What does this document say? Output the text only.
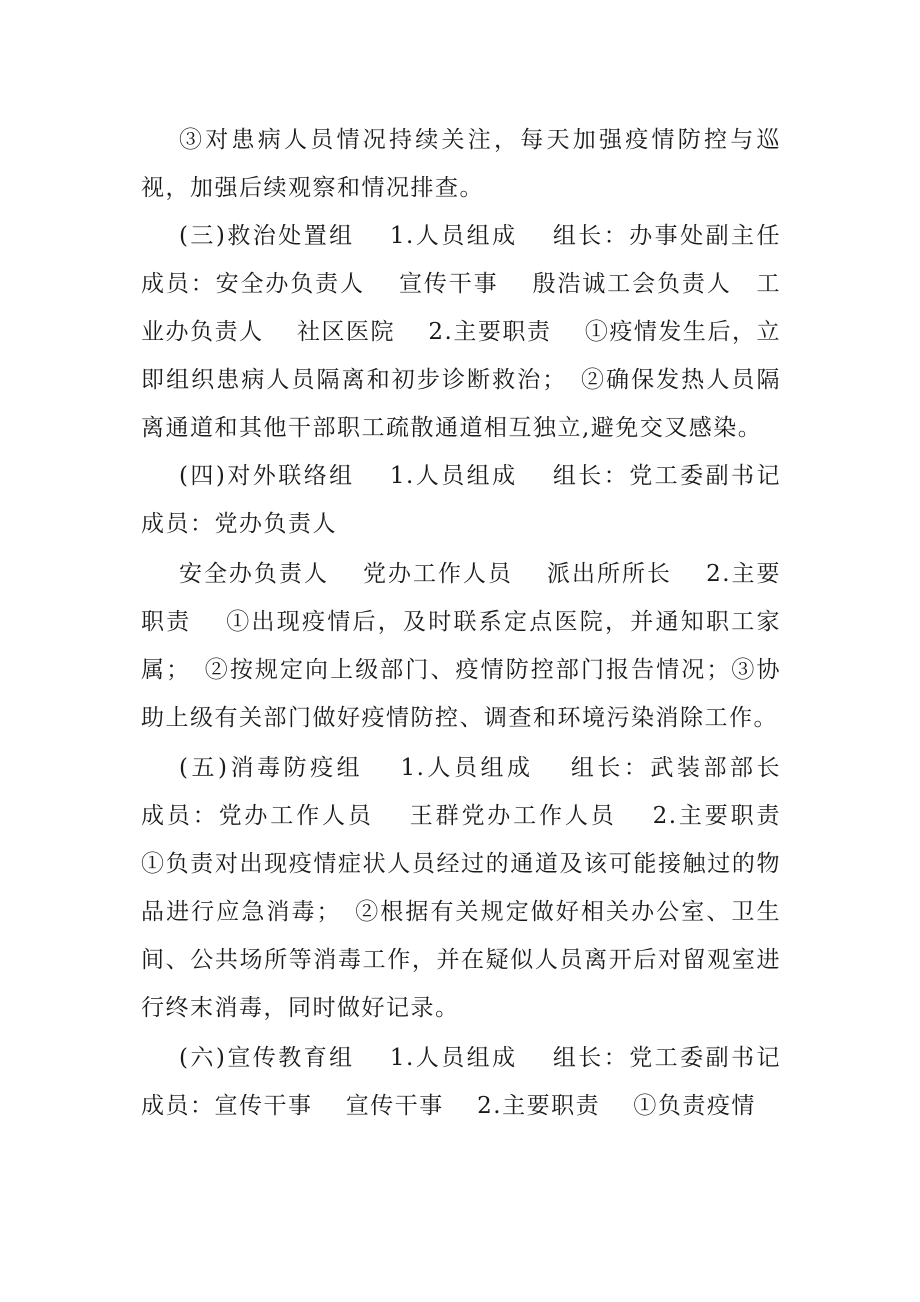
③对患病人员情况持续关注，每天加强疫情防控与巡视，加强后续观察和情况排查。

(三)救治处置组　 1.人员组成　 组长：办事处副主任　成员：安全办负责人　 宣传干事　 殷浩诚工会负责人　工业办负责人　 社区医院　 2.主要职责　 ①疫情发生后，立即组织患病人员隔离和初步诊断救治；　②确保发热人员隔离通道和其他干部职工疏散通道相互独立,避免交叉感染。

(四)对外联络组　 1.人员组成　 组长：党工委副书记　成员：党办负责人

安全办负责人　 党办工作人员　 派出所所长　 2.主要职责　 ①出现疫情后，及时联系定点医院，并通知职工家属；　②按规定向上级部门、疫情防控部门报告情况；③协助上级有关部门做好疫情防控、调查和环境污染消除工作。

(五)消毒防疫组　 1.人员组成　 组长：武装部部长　成员：党办工作人员　 王群党办工作人员　 2.主要职责　①负责对出现疫情症状人员经过的通道及该可能接触过的物品进行应急消毒；　②根据有关规定做好相关办公室、卫生间、公共场所等消毒工作，并在疑似人员离开后对留观室进行终末消毒，同时做好记录。

(六)宣传教育组　 1.人员组成　 组长：党工委副书记　成员：宣传干事　 宣传干事　 2.主要职责　 ①负责疫情
